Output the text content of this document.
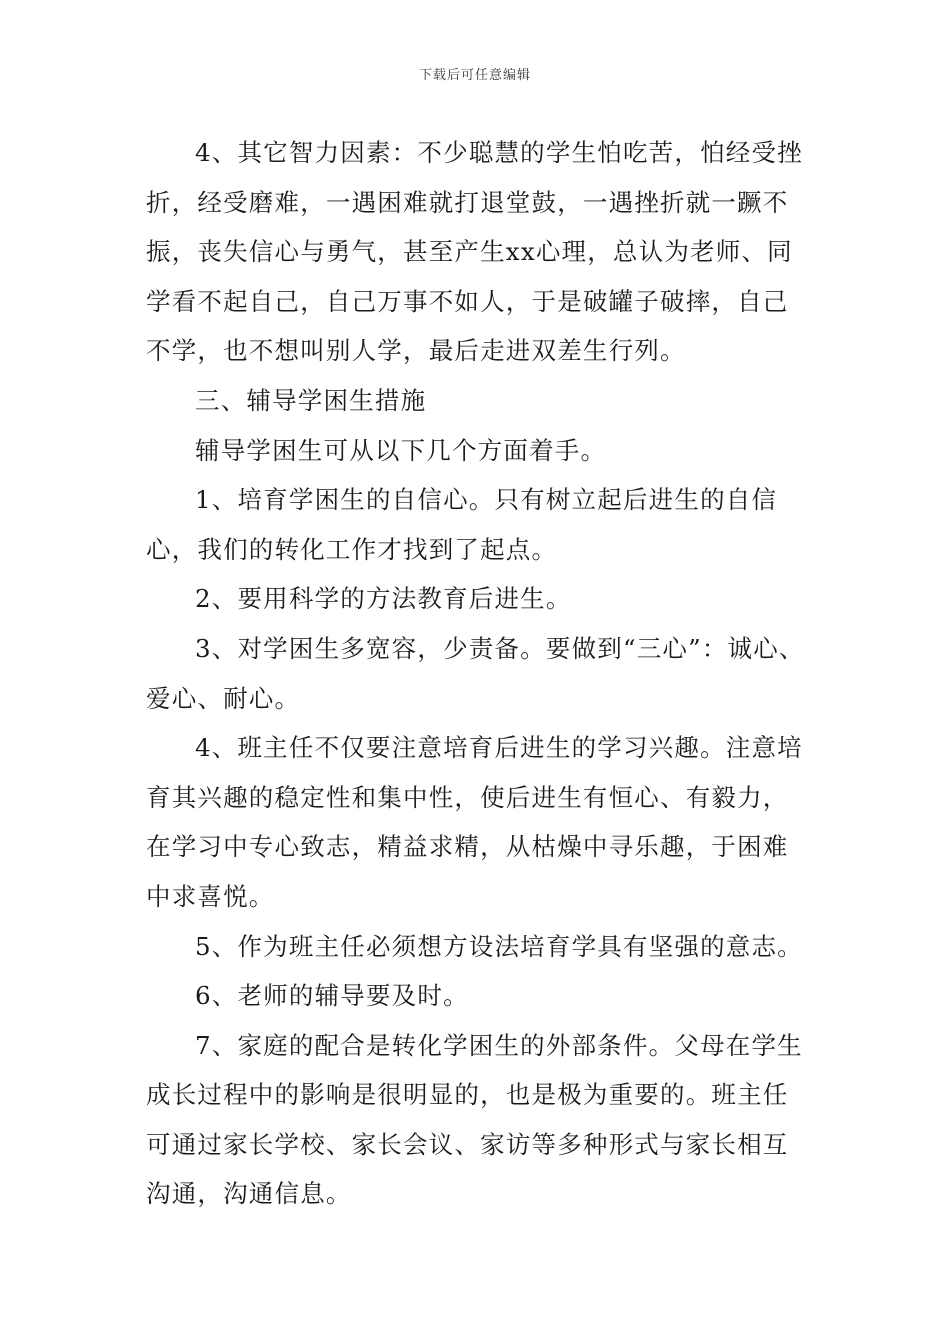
下载后可任意编辑

4、其它智力因素：不少聪慧的学生怕吃苦，怕经受挫折，经受磨难，一遇困难就打退堂鼓，一遇挫折就一蹶不振，丧失信心与勇气，甚至产生xx心理，总认为老师、同学看不起自己，自己万事不如人，于是破罐子破摔，自己不学，也不想叫别人学，最后走进双差生行列。

三、辅导学困生措施

辅导学困生可从以下几个方面着手。

1、培育学困生的自信心。只有树立起后进生的自信心，我们的转化工作才找到了起点。

2、要用科学的方法教育后进生。

3、对学困生多宽容，少责备。要做到“三心”：诚心、爱心、耐心。

4、班主任不仅要注意培育后进生的学习兴趣。注意培育其兴趣的稳定性和集中性，使后进生有恒心、有毅力，在学习中专心致志，精益求精，从枯燥中寻乐趣，于困难中求喜悦。

5、作为班主任必须想方设法培育学具有坚强的意志。

6、老师的辅导要及时。

7、家庭的配合是转化学困生的外部条件。父母在学生成长过程中的影响是很明显的，也是极为重要的。班主任可通过家长学校、家长会议、家访等多种形式与家长相互沟通，沟通信息。
